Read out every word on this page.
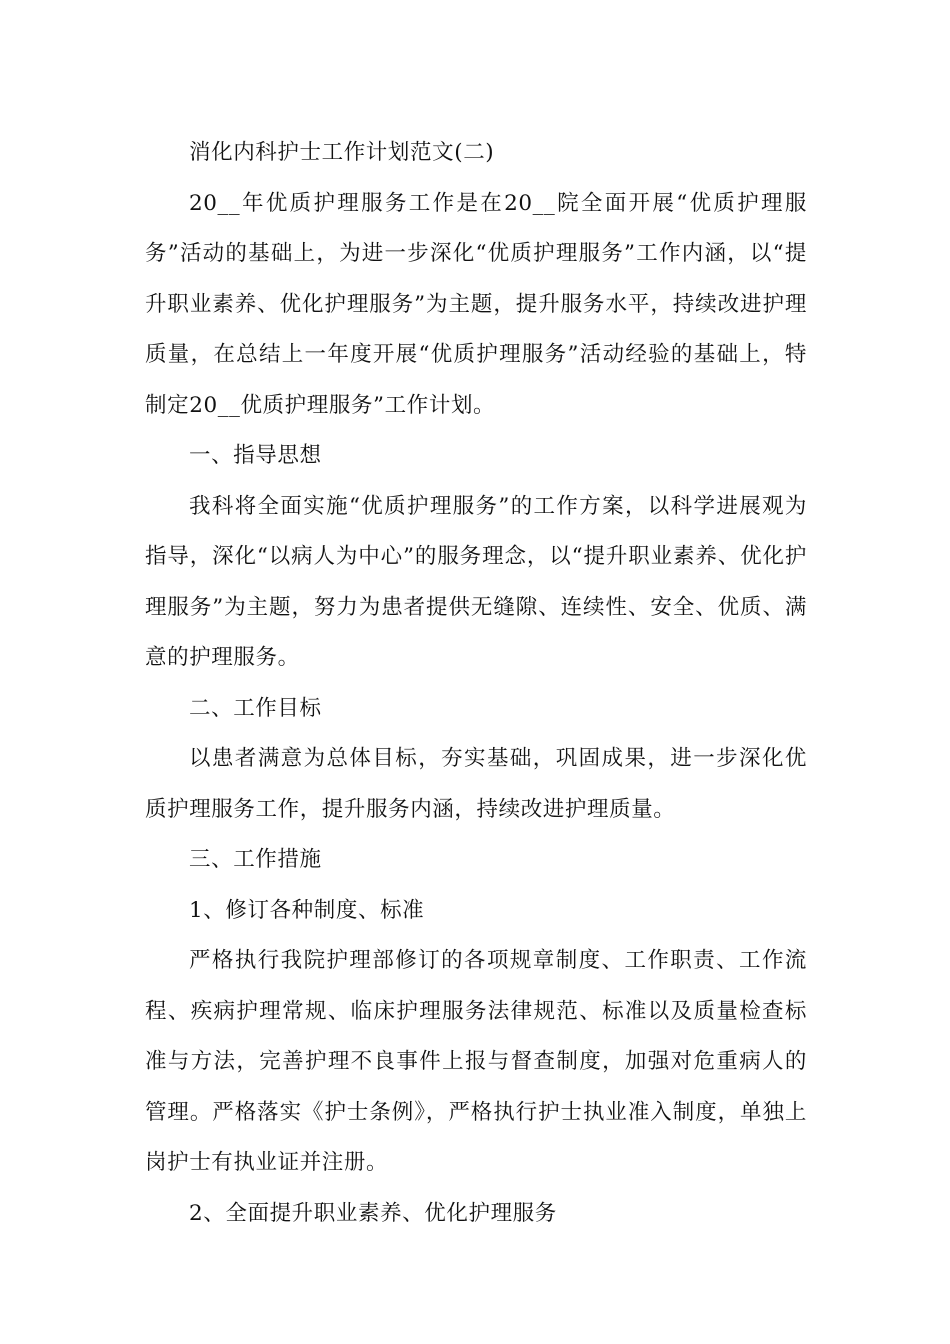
消化内科护士工作计划范文(二)

20__年优质护理服务工作是在20__院全面开展“优质护理服务”活动的基础上，为进一步深化“优质护理服务”工作内涵，以“提升职业素养、优化护理服务”为主题，提升服务水平，持续改进护理质量，在总结上一年度开展“优质护理服务”活动经验的基础上，特制定20__优质护理服务”工作计划。

一、指导思想

我科将全面实施“优质护理服务”的工作方案，以科学进展观为指导，深化“以病人为中心”的服务理念，以“提升职业素养、优化护理服务”为主题，努力为患者提供无缝隙、连续性、安全、优质、满意的护理服务。

二、工作目标

以患者满意为总体目标，夯实基础，巩固成果，进一步深化优质护理服务工作，提升服务内涵，持续改进护理质量。

三、工作措施

1、修订各种制度、标准

严格执行我院护理部修订的各项规章制度、工作职责、工作流程、疾病护理常规、临床护理服务法律规范、标准以及质量检查标准与方法，完善护理不良事件上报与督查制度，加强对危重病人的管理。严格落实《护士条例》，严格执行护士执业准入制度，单独上岗护士有执业证并注册。

2、全面提升职业素养、优化护理服务
